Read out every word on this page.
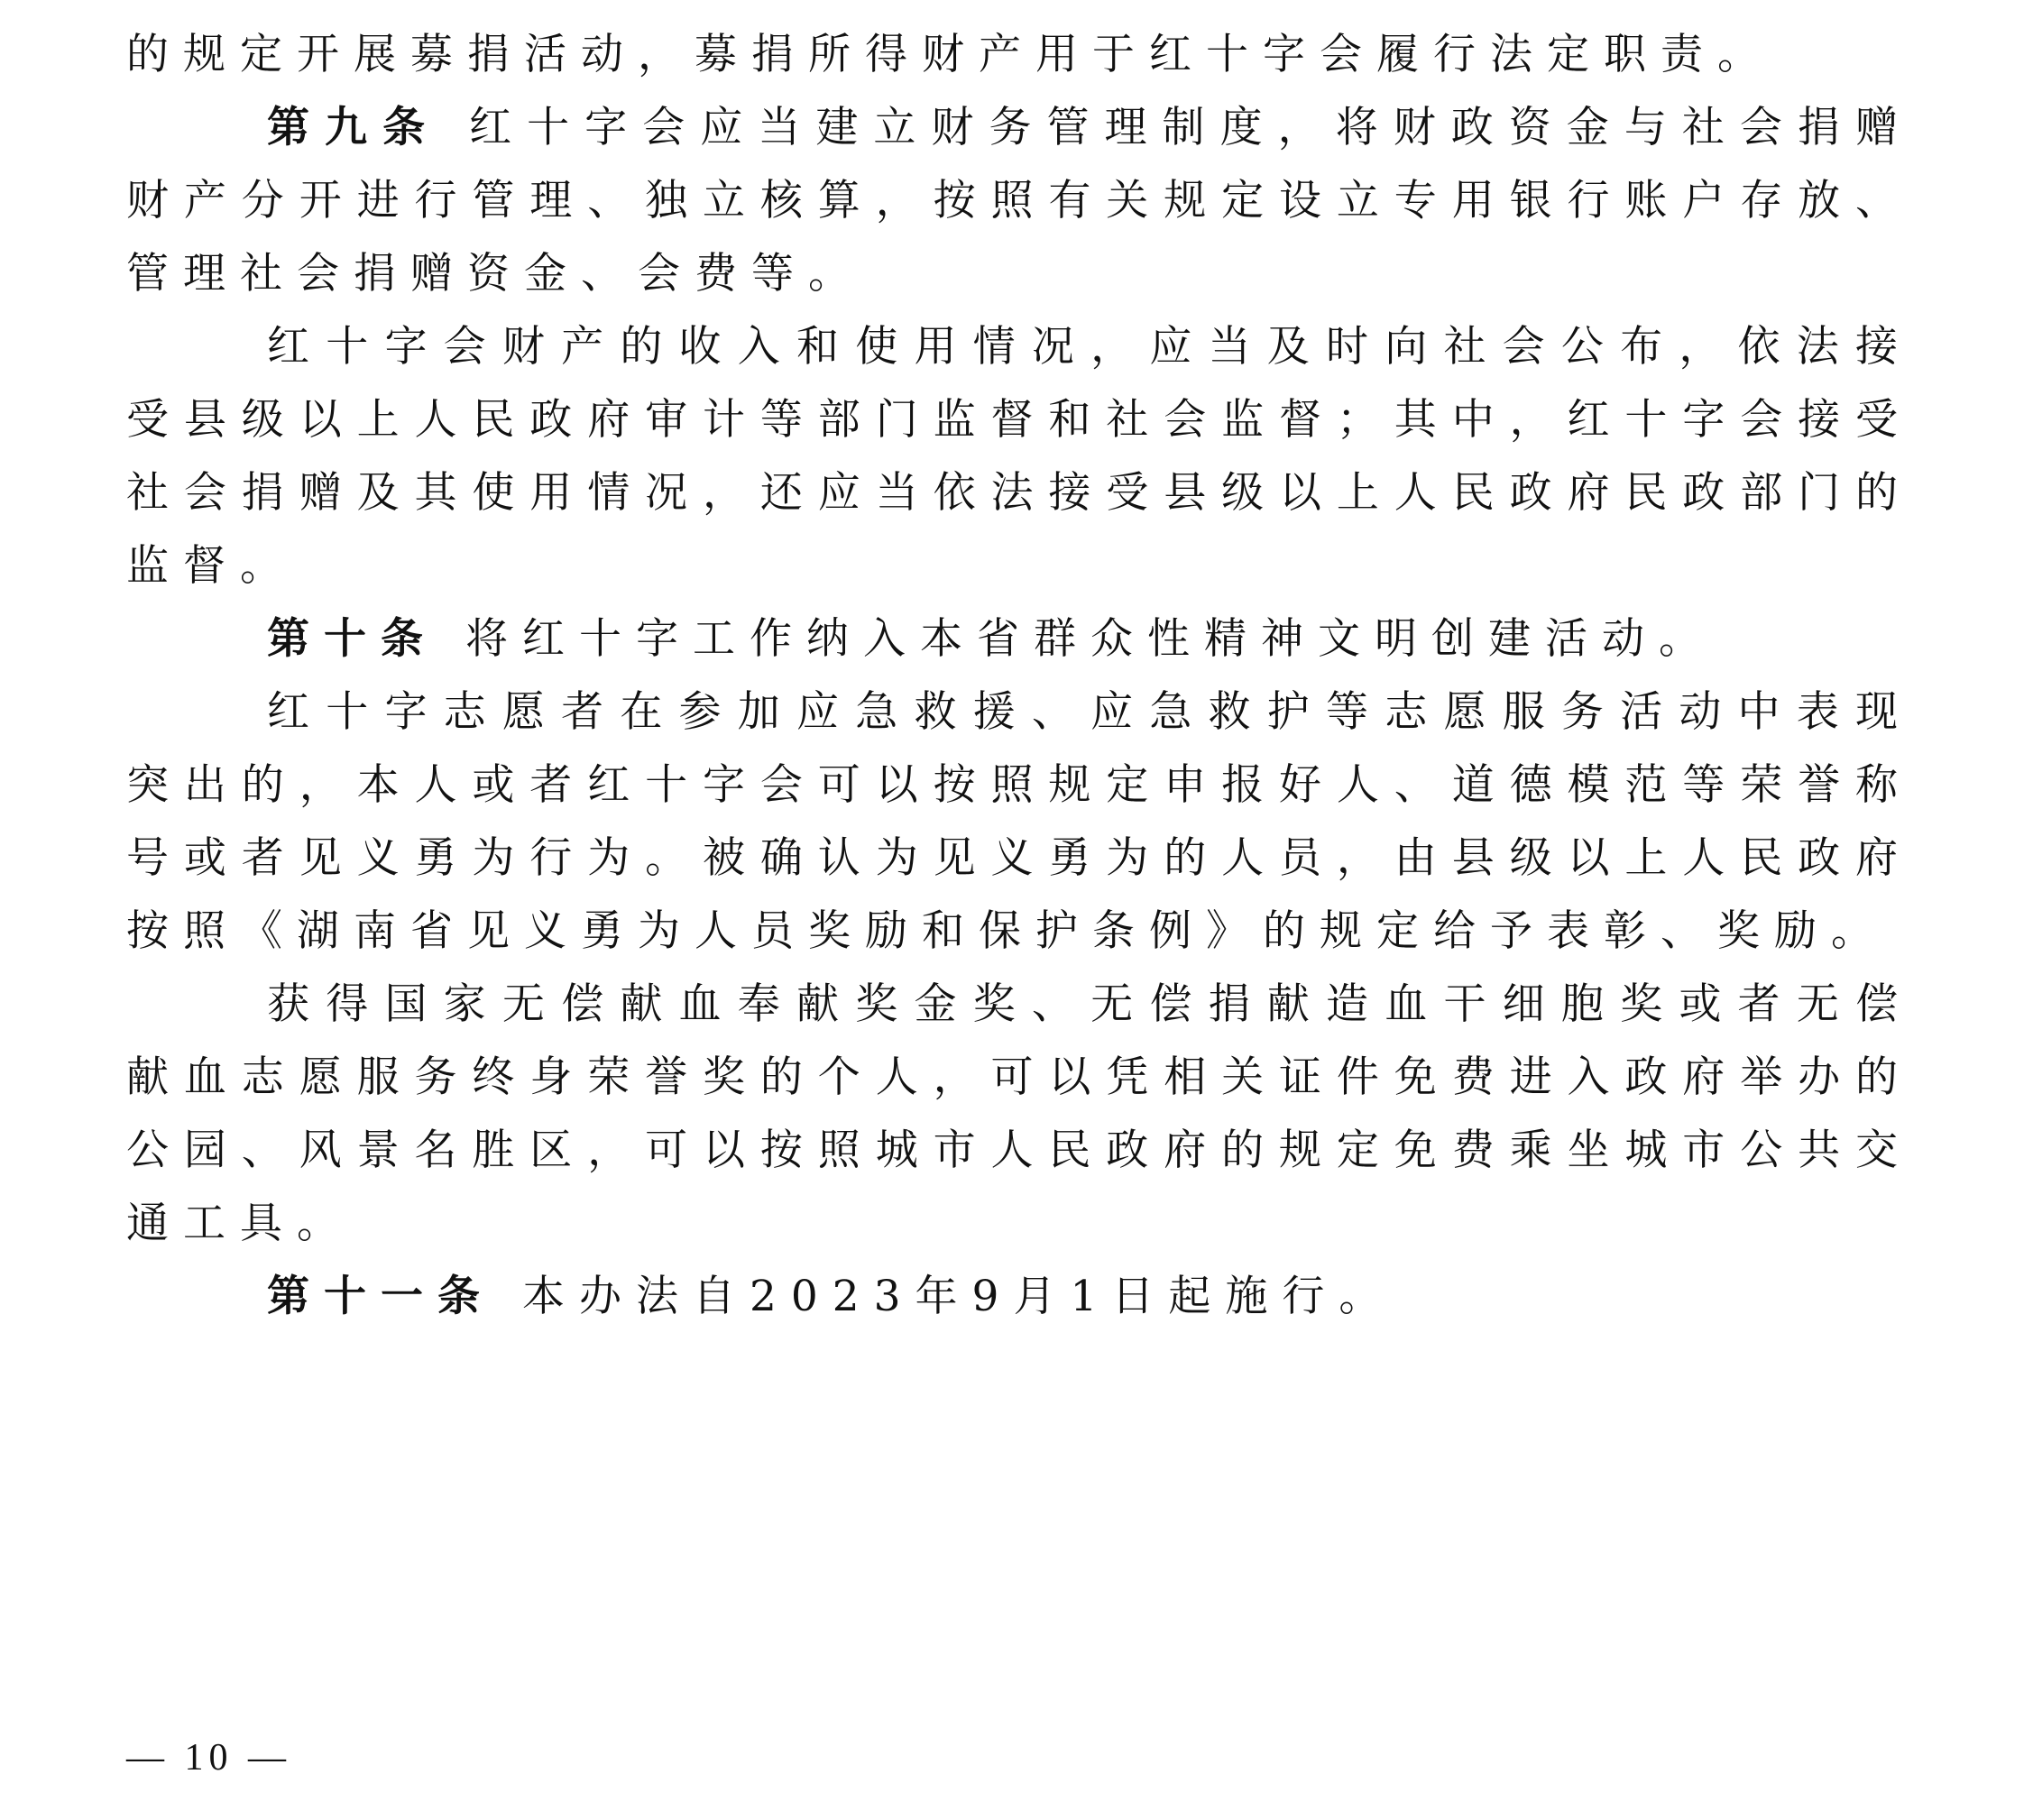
的规定开展募捐活动，募捐所得财产用于红十字会履行法定职责。

第九条 红十字会应当建立财务管理制度，将财政资金与社会捐赠财产分开进行管理、独立核算，按照有关规定设立专用银行账户存放、管理社会捐赠资金、会费等。

红十字会财产的收入和使用情况，应当及时向社会公布，依法接受县级以上人民政府审计等部门监督和社会监督；其中，红十字会接受社会捐赠及其使用情况，还应当依法接受县级以上人民政府民政部门的监督。

第十条 将红十字工作纳入本省群众性精神文明创建活动。

红十字志愿者在参加应急救援、应急救护等志愿服务活动中表现突出的，本人或者红十字会可以按照规定申报好人、道德模范等荣誉称号或者见义勇为行为。被确认为见义勇为的人员，由县级以上人民政府按照《湖南省见义勇为人员奖励和保护条例》的规定给予表彰、奖励。

获得国家无偿献血奉献奖金奖、无偿捐献造血干细胞奖或者无偿献血志愿服务终身荣誉奖的个人，可以凭相关证件免费进入政府举办的公园、风景名胜区，可以按照城市人民政府的规定免费乘坐城市公共交通工具。

第十一条 本办法自2023年9月1日起施行。

— 10 —
